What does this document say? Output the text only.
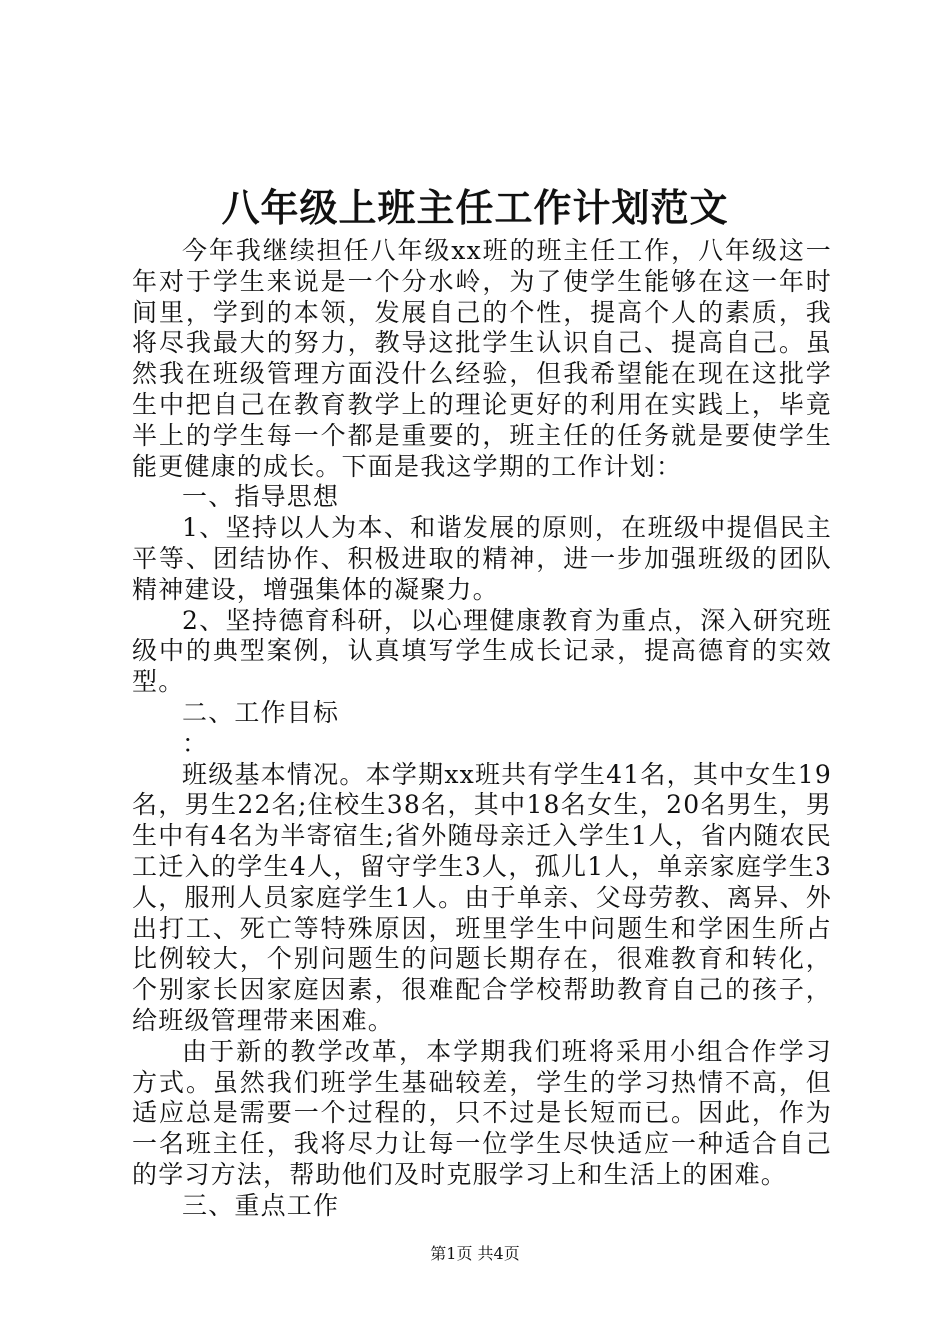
八年级上班主任工作计划范文

今年我继续担任八年级xx班的班主任工作，八年级这一年对于学生来说是一个分水岭，为了使学生能够在这一年时间里，学到的本领，发展自己的个性，提高个人的素质，我将尽我最大的努力，教导这批学生认识自己、提高自己。虽然我在班级管理方面没什么经验，但我希望能在现在这批学生中把自己在教育教学上的理论更好的利用在实践上，毕竟半上的学生每一个都是重要的，班主任的任务就是要使学生能更健康的成长。下面是我这学期的工作计划：

一、指导思想

1、坚持以人为本、和谐发展的原则，在班级中提倡民主平等、团结协作、积极进取的精神，进一步加强班级的团队精神建设，增强集体的凝聚力。

2、坚持德育科研，以心理健康教育为重点，深入研究班级中的典型案例，认真填写学生成长记录，提高德育的实效型。

二、工作目标

：

班级基本情况。本学期xx班共有学生41名，其中女生19名，男生22名;住校生38名，其中18名女生，20名男生，男生中有4名为半寄宿生;省外随母亲迁入学生1人，省内随农民工迁入的学生4人，留守学生3人，孤儿1人，单亲家庭学生3人，服刑人员家庭学生1人。由于单亲、父母劳教、离异、外出打工、死亡等特殊原因，班里学生中问题生和学困生所占比例较大，个别问题生的问题长期存在，很难教育和转化，个别家长因家庭因素，很难配合学校帮助教育自己的孩子，给班级管理带来困难。

由于新的教学改革，本学期我们班将采用小组合作学习方式。虽然我们班学生基础较差，学生的学习热情不高，但适应总是需要一个过程的，只不过是长短而已。因此，作为一名班主任，我将尽力让每一位学生尽快适应一种适合自己的学习方法，帮助他们及时克服学习上和生活上的困难。

三、重点工作

第1页 共4页
